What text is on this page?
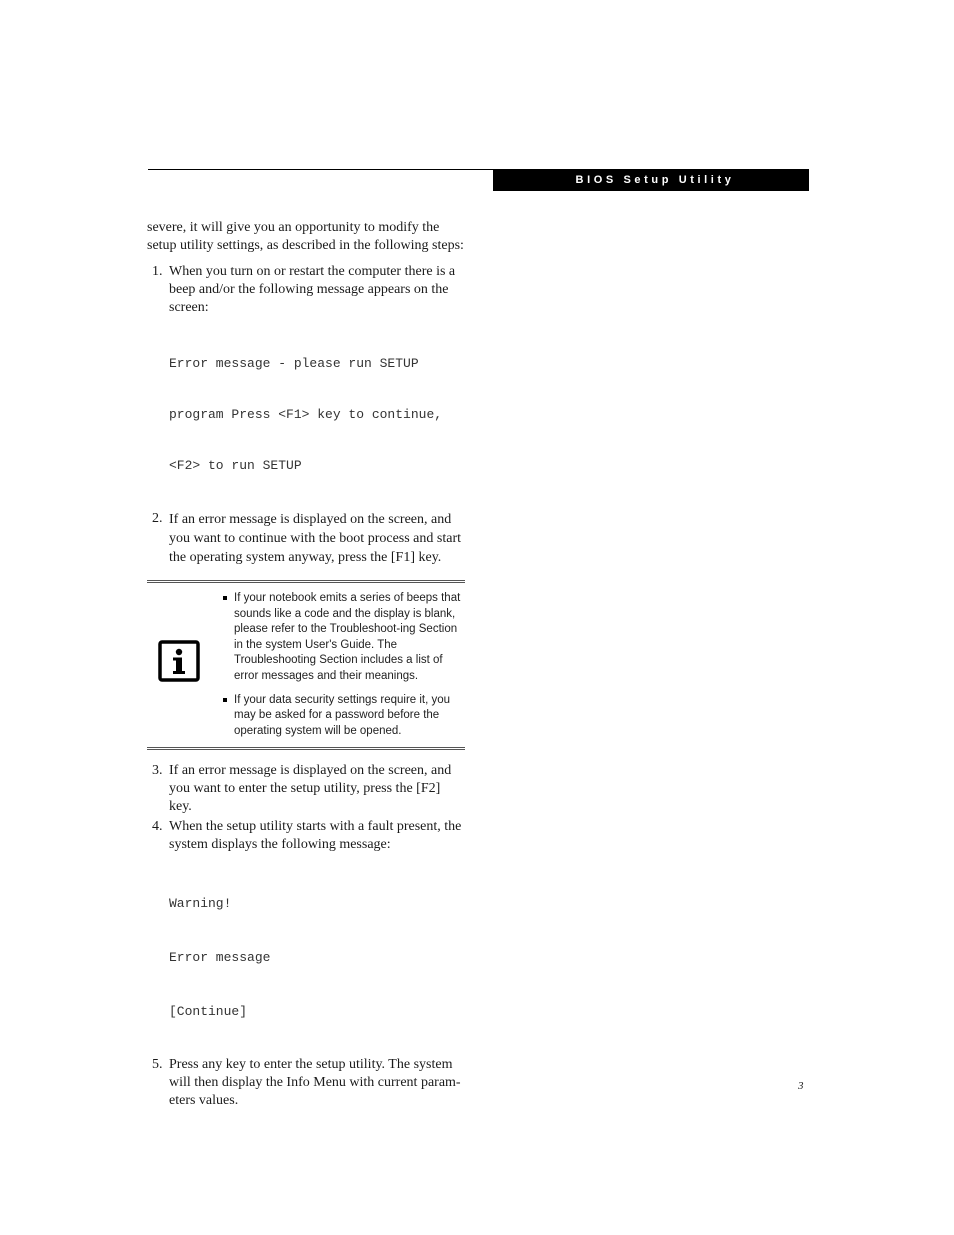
BIOS Setup Utility

severe, it will give you an opportunity to modify the setup utility settings, as described in the following steps:

1. When you turn on or restart the computer there is a beep and/or the following message appears on the screen:

Error message - please run SETUP

program Press <F1> key to continue,

<F2> to run SETUP

2. If an error message is displayed on the screen, and you want to continue with the boot process and start the operating system anyway, press the [F1] key.

If your notebook emits a series of beeps that sounds like a code and the display is blank, please refer to the Troubleshoot-ing Section in the system User's Guide. The Troubleshooting Section includes a list of error messages and their meanings.
If your data security settings require it, you may be asked for a password before the operating system will be opened.
3. If an error message is displayed on the screen, and you want to enter the setup utility, press the [F2] key.

4. When the setup utility starts with a fault present, the system displays the following message:

Warning!

Error message

[Continue]

5. Press any key to enter the setup utility. The system will then display the Info Menu with current param-eters values.

3
